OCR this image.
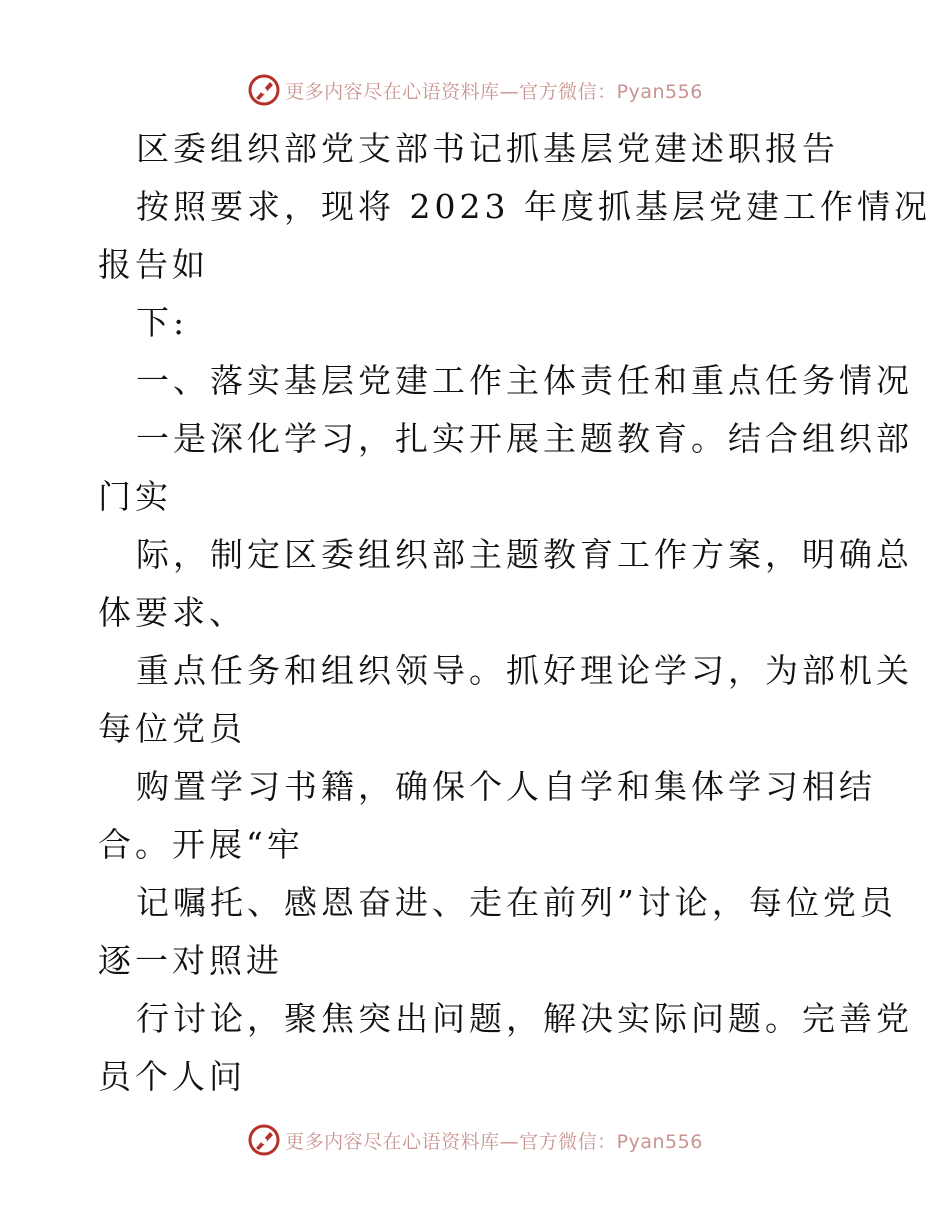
更多内容尽在心语资料库—官方微信：Pyan556
区委组织部党支部书记抓基层党建述职报告
按照要求，现将 2023 年度抓基层党建工作情况
报告如
下:
一、落实基层党建工作主体责任和重点任务情况
一是深化学习，扎实开展主题教育。结合组织部
门实
际，制定区委组织部主题教育工作方案，明确总
体要求、
重点任务和组织领导。抓好理论学习，为部机关
每位党员
购置学习书籍，确保个人自学和集体学习相结
合。开展“牢
记嘱托、感恩奋进、走在前列”讨论，每位党员
逐一对照进
行讨论，聚焦突出问题，解决实际问题。完善党
员个人问
更多内容尽在心语资料库—官方微信：Pyan556
